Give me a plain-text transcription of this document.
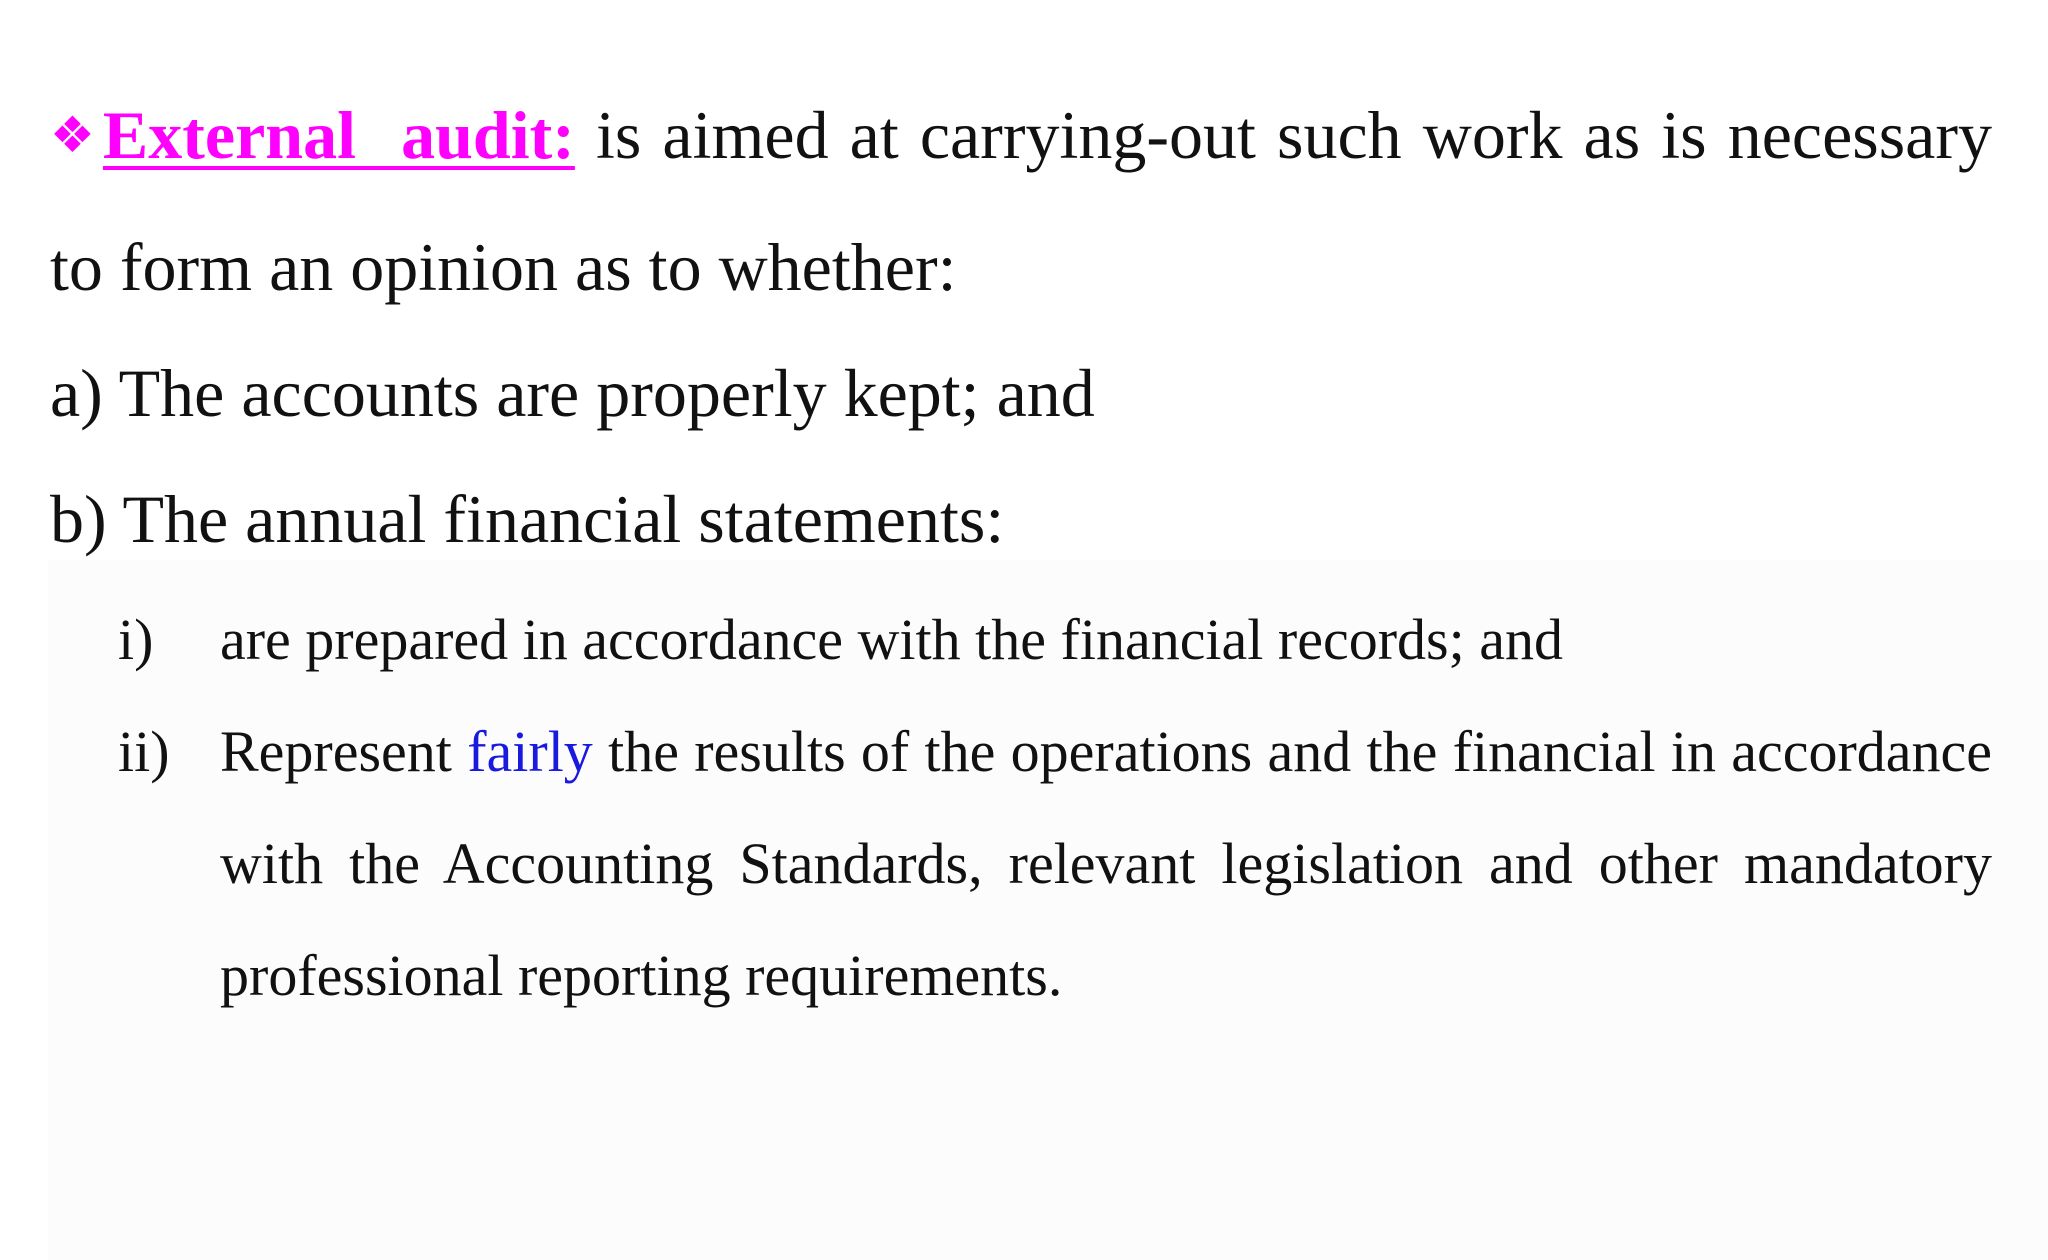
❖External audit: is aimed at carrying-out such work as is necessary to form an opinion as to whether:

a) The accounts are properly kept; and

b) The annual financial statements:

i)	are prepared in accordance with the financial records; and

ii) Represent fairly the results of the operations and the financial in accordance with the Accounting Standards, relevant legislation and other mandatory professional reporting requirements.
